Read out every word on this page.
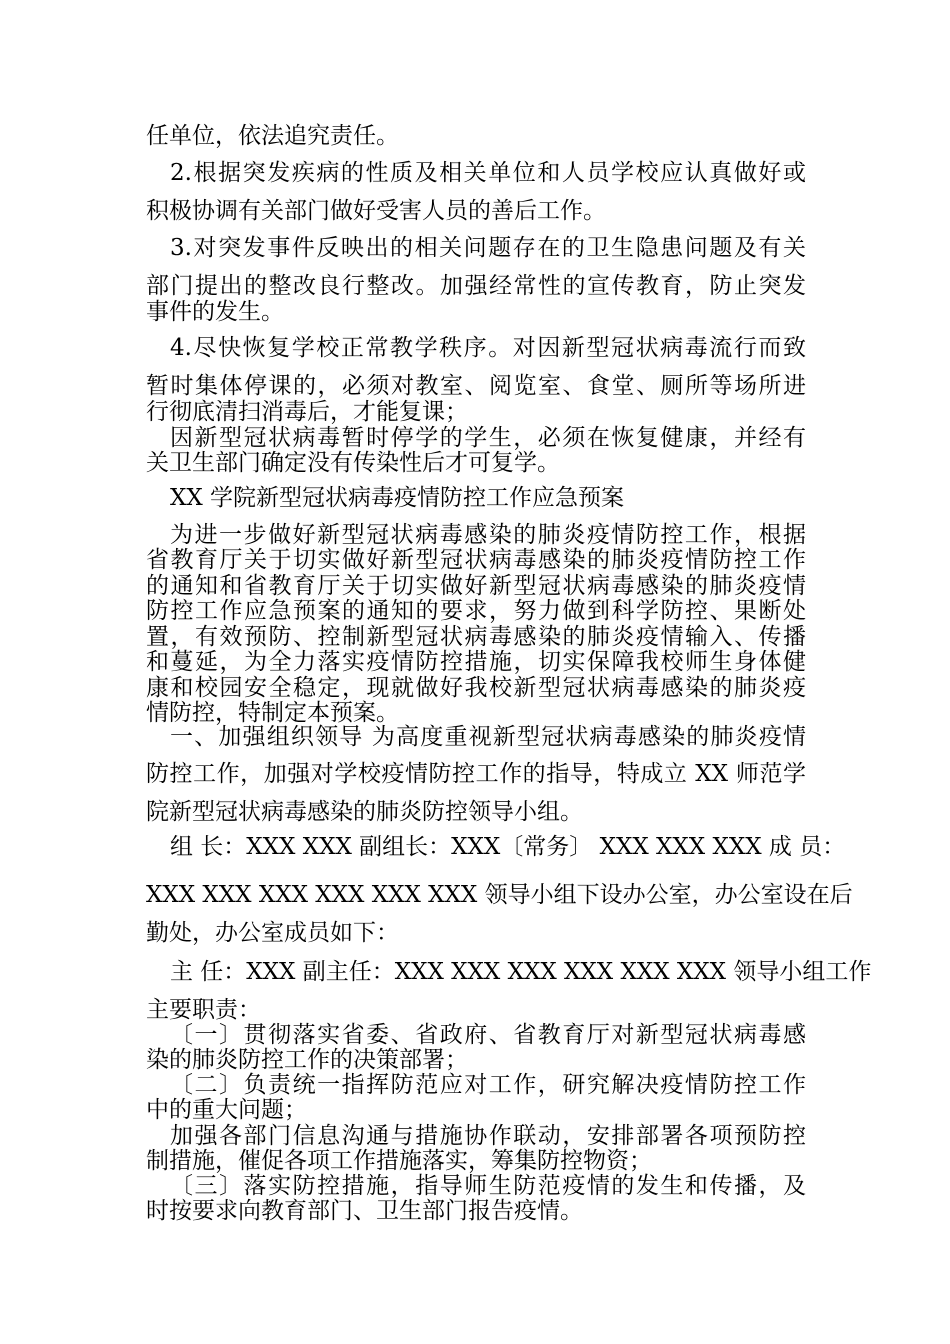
任单位，依法追究责任。
2.根据突发疾病的性质及相关单位和人员学校应认真做好或
积极协调有关部门做好受害人员的善后工作。
3.对突发事件反映出的相关问题存在的卫生隐患问题及有关
部门提出的整改良行整改。加强经常性的宣传教育，防止突发
事件的发生。
4.尽快恢复学校正常教学秩序。对因新型冠状病毒流行而致
暂时集体停课的，必须对教室、阅览室、食堂、厕所等场所进
行彻底清扫消毒后，才能复课；
因新型冠状病毒暂时停学的学生，必须在恢复健康，并经有
关卫生部门确定没有传染性后才可复学。
XX 学院新型冠状病毒疫情防控工作应急预案
为进一步做好新型冠状病毒感染的肺炎疫情防控工作，根据
省教育厅关于切实做好新型冠状病毒感染的肺炎疫情防控工作
的通知和省教育厅关于切实做好新型冠状病毒感染的肺炎疫情
防控工作应急预案的通知的要求，努力做到科学防控、果断处
置，有效预防、控制新型冠状病毒感染的肺炎疫情输入、传播
和蔓延，为全力落实疫情防控措施，切实保障我校师生身体健
康和校园安全稳定，现就做好我校新型冠状病毒感染的肺炎疫
情防控，特制定本预案。
一、加强组织领导 为高度重视新型冠状病毒感染的肺炎疫情
防控工作，加强对学校疫情防控工作的指导，特成立 XX 师范学
院新型冠状病毒感染的肺炎防控领导小组。
组 长：XXX XXX 副组长：XXX〔常务〕 XXX XXX XXX 成 员：
XXX XXX XXX XXX XXX XXX 领导小组下设办公室，办公室设在后
勤处，办公室成员如下：
主 任：XXX 副主任：XXX XXX XXX XXX XXX XXX 领导小组工作
主要职责：
〔一〕贯彻落实省委、省政府、省教育厅对新型冠状病毒感
染的肺炎防控工作的决策部署；
〔二〕负责统一指挥防范应对工作，研究解决疫情防控工作
中的重大问题；
加强各部门信息沟通与措施协作联动，安排部署各项预防控
制措施，催促各项工作措施落实，筹集防控物资；
〔三〕落实防控措施，指导师生防范疫情的发生和传播，及
时按要求向教育部门、卫生部门报告疫情。
